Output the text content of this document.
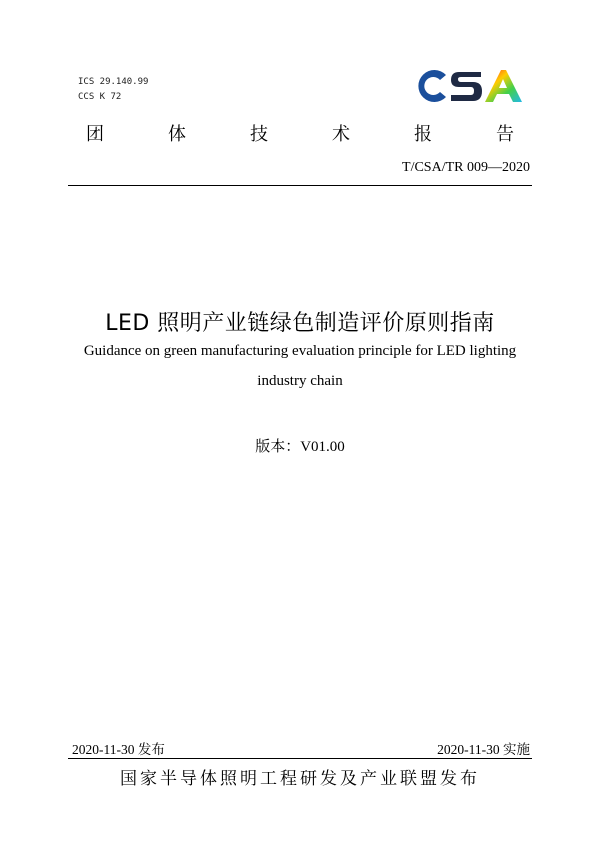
ICS 29.140.99
CCS K 72
CSA
团	体	技	术	报	告
T/CSA/TR 009—2020
LED 照明产业链绿色制造评价原则指南
Guidance on green manufacturing evaluation principle for LED lighting
industry chain
版本：V01.00
2020-11-30 发布	2020-11-30 实施
国家半导体照明工程研发及产业联盟发布
